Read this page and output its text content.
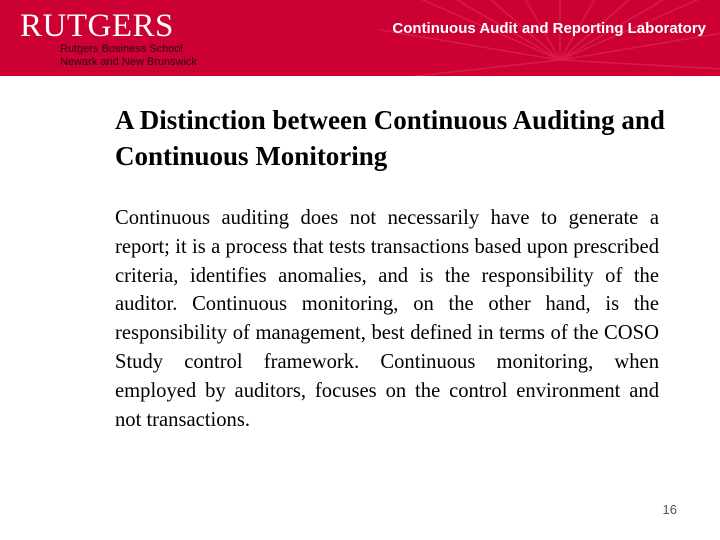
RUTGERS
Rutgers Business School
Newark and New Brunswick
Continuous Audit and Reporting Laboratory
A Distinction between Continuous Auditing and Continuous Monitoring

Continuous auditing does not necessarily have to generate a report; it is a process that tests transactions based upon prescribed criteria, identifies anomalies, and is the responsibility of the auditor. Continuous monitoring, on the other hand, is the responsibility of management, best defined in terms of the COSO Study control framework. Continuous monitoring, when employed by auditors, focuses on the control environment and not transactions.

16
